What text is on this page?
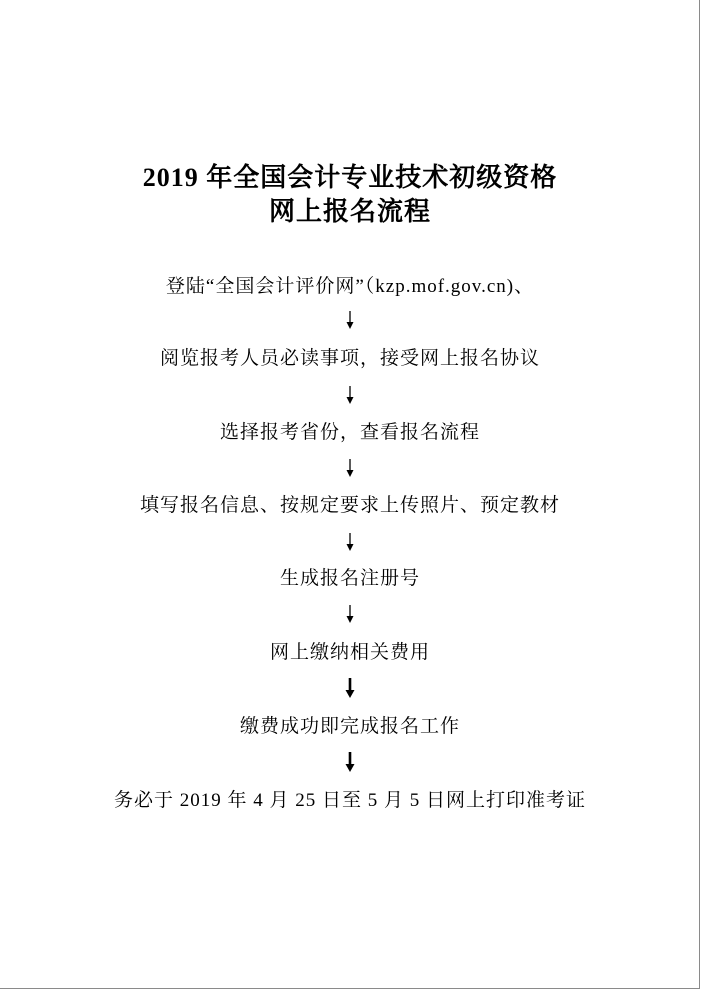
2019 年全国会计专业技术初级资格
网上报名流程
登陆“全国会计评价网”（kzp.mof.gov.cn)、
阅览报考人员必读事项，接受网上报名协议
选择报考省份，查看报名流程
填写报名信息、按规定要求上传照片、预定教材
生成报名注册号
网上缴纳相关费用
缴费成功即完成报名工作
务必于 2019 年 4 月 25 日至 5 月 5 日网上打印准考证
